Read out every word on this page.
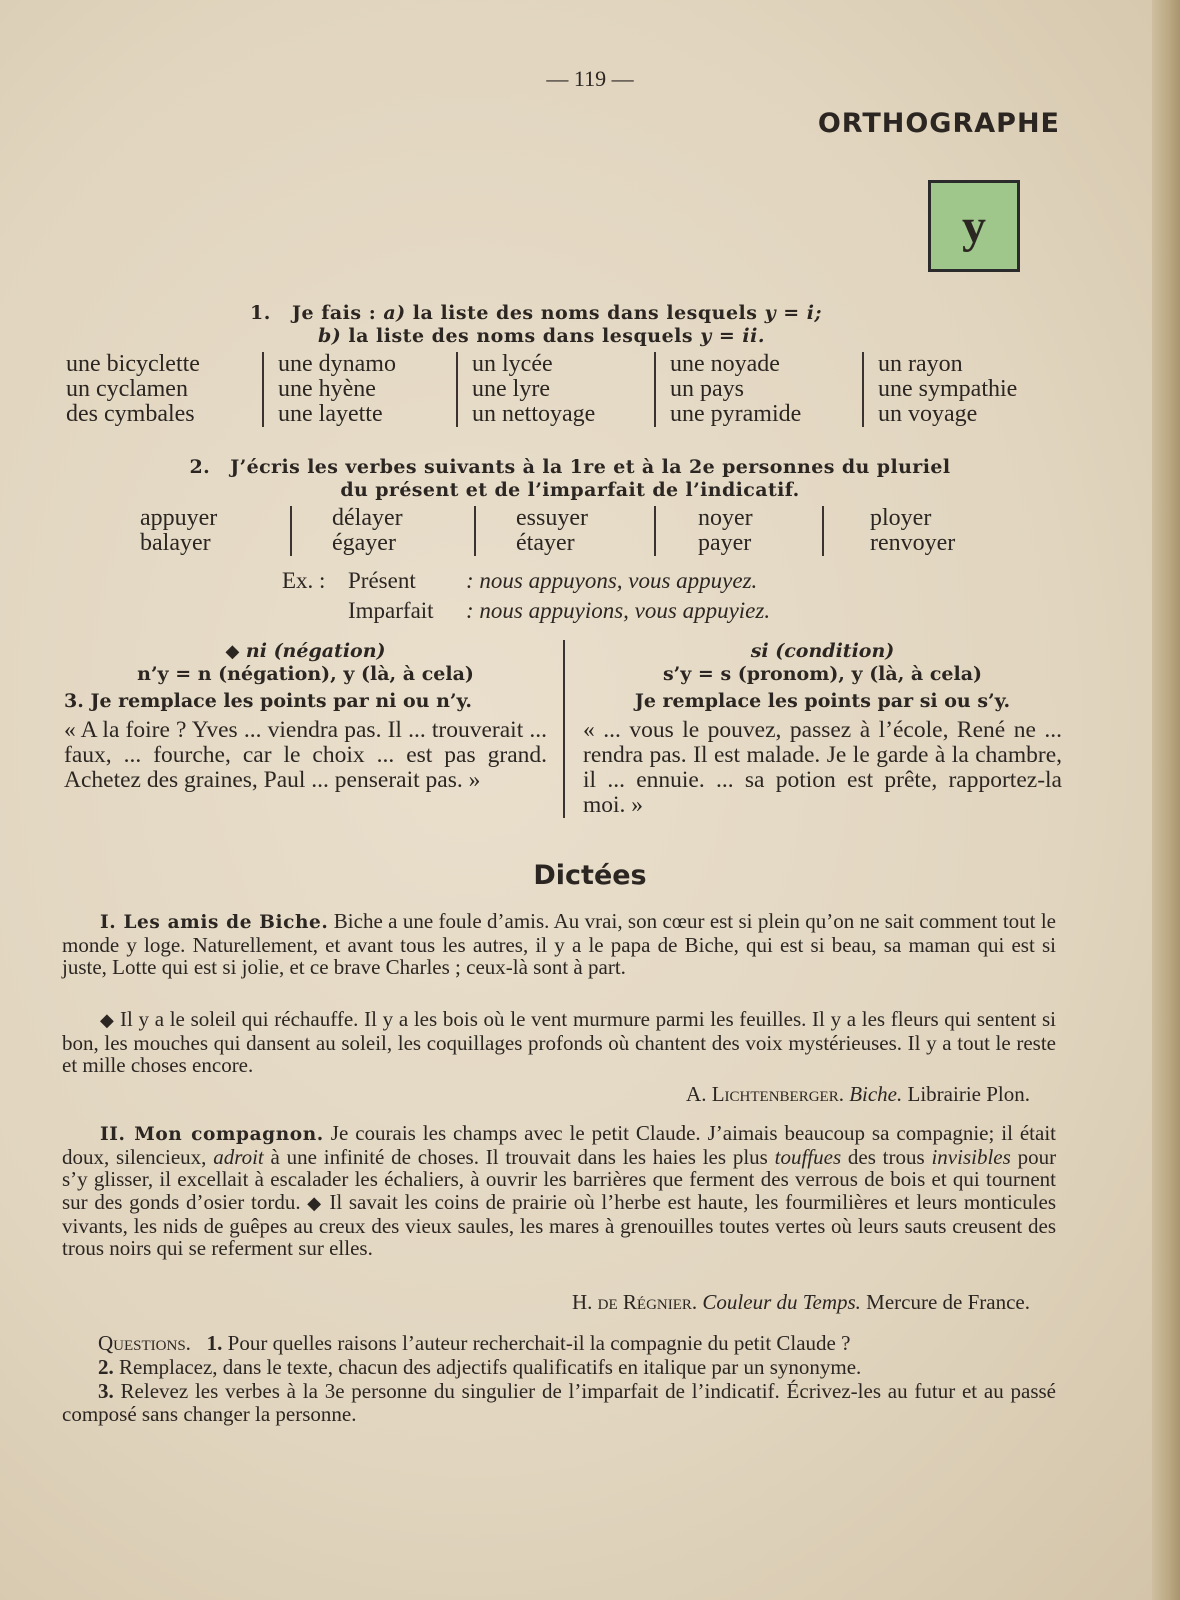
— 119 —
ORTHOGRAPHE
y
1. Je fais : a) la liste des noms dans lesquels y = i;
b) la liste des noms dans lesquels y = ii.
une bicyclette
un cyclamen
des cymbales
une dynamo
une hyène
une layette
un lycée
une lyre
un nettoyage
une noyade
un pays
une pyramide
un rayon
une sympathie
un voyage
2. J’écris les verbes suivants à la 1re et à la 2e personnes du pluriel
du présent et de l’imparfait de l’indicatif.
appuyer
balayer
délayer
égayer
essuyer
étayer
noyer
payer
ployer
renvoyer
Ex. : Présent : nous appuyons, vous appuyez.
Imparfait : nous appuyions, vous appuyiez.
◆ ni (négation)
n’y = n (négation), y (là, à cela)
3. Je remplace les points par ni ou n’y.
« A la foire ? Yves ... viendra pas. Il ... trouverait ... faux, ... fourche, car le choix ... est pas grand. Achetez des graines, Paul ... penserait pas. »
si (condition)
s’y = s (pronom), y (là, à cela)
Je remplace les points par si ou s’y.
« ... vous le pouvez, passez à l’école, René ne ... rendra pas. Il est malade. Je le garde à la chambre, il ... ennuie. ... sa potion est prête, rapportez-la moi. »
Dictées
I. Les amis de Biche. Biche a une foule d’amis. Au vrai, son cœur est si plein qu’on ne sait comment tout le monde y loge. Naturellement, et avant tous les autres, il y a le papa de Biche, qui est si beau, sa maman qui est si juste, Lotte qui est si jolie, et ce brave Charles ; ceux-là sont à part.
◆ Il y a le soleil qui réchauffe. Il y a les bois où le vent murmure parmi les feuilles. Il y a les fleurs qui sentent si bon, les mouches qui dansent au soleil, les coquillages profonds où chantent des voix mystérieuses. Il y a tout le reste et mille choses encore.
A. Lichtenberger. Biche. Librairie Plon.
II. Mon compagnon. Je courais les champs avec le petit Claude. J’aimais beaucoup sa compagnie; il était doux, silencieux, adroit à une infinité de choses. Il trouvait dans les haies les plus touffues des trous invisibles pour s’y glisser, il excellait à escalader les échaliers, à ouvrir les barrières que ferment des verrous de bois et qui tournent sur des gonds d’osier tordu. ◆ Il savait les coins de prairie où l’herbe est haute, les fourmilières et leurs monticules vivants, les nids de guêpes au creux des vieux saules, les mares à grenouilles toutes vertes où leurs sauts creusent des trous noirs qui se referment sur elles.
H. de Régnier. Couleur du Temps. Mercure de France.

Questions. 1. Pour quelles raisons l’auteur recherchait-il la compagnie du petit Claude ?

2. Remplacez, dans le texte, chacun des adjectifs qualificatifs en italique par un synonyme.

3. Relevez les verbes à la 3e personne du singulier de l’imparfait de l’indicatif. Écrivez-les au futur et au passé composé sans changer la personne.
